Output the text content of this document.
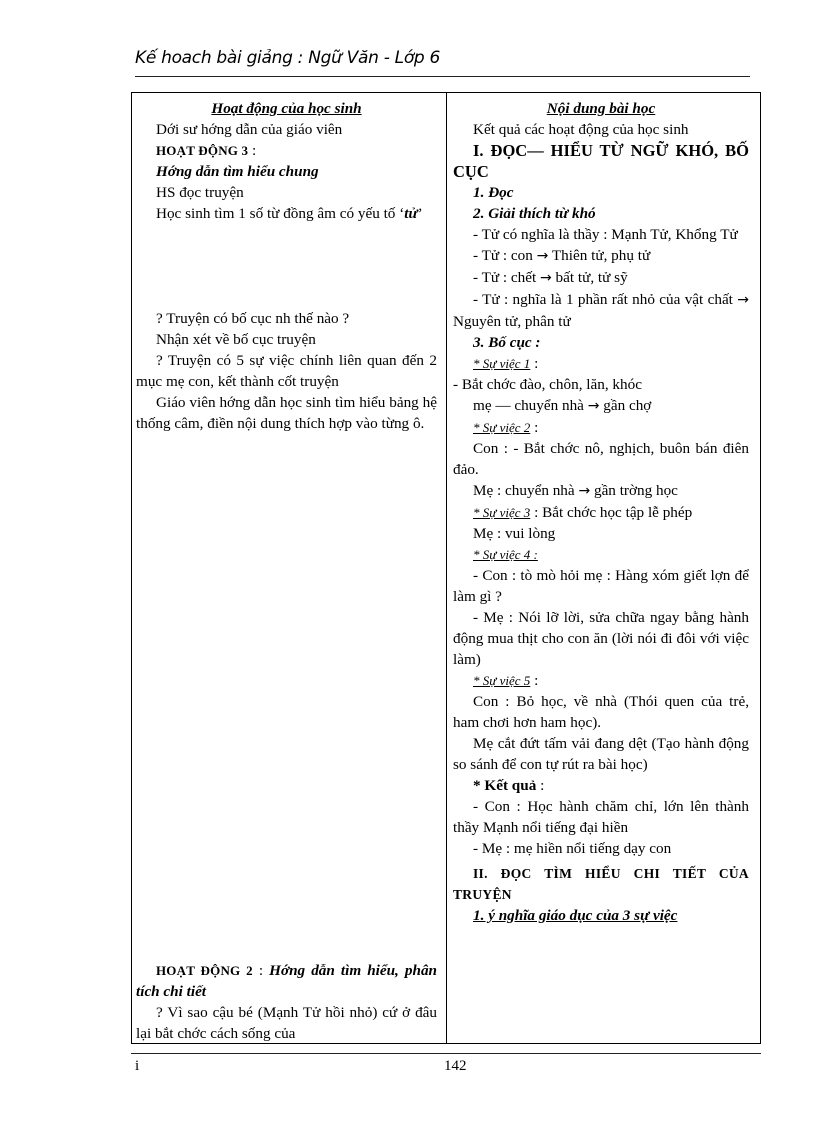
Kế hoach bài giảng : Ngữ Văn - Lớp 6

Hoạt động của học sinh

Dới sư hớng dẫn của giáo viên

HOẠT ĐỘNG 3 :

Hớng dẫn tìm hiểu chung

HS đọc truyện

Học sinh tìm 1 số từ đồng âm có yếu tố ‘tử’

? Truyện có bố cục nh thế nào ?

Nhận xét về bố cục truyện

? Truyện có 5 sự việc chính liên quan đến 2 mục mẹ con, kết thành cốt truyện

Giáo viên hớng dẫn học sinh tìm hiểu bảng hệ thống câm, điền nội dung thích hợp vào từng ô.

HOẠT ĐỘNG 2 : Hớng dẫn tìm hiểu, phân tích chi tiết

? Vì sao cậu bé (Mạnh Tử hồi nhỏ) cứ ở đâu lại bắt chớc cách sống của

Nội dung bài học

Kết quả các hoạt động của học sinh

I. ĐỌC— HIỂU TỪ NGỮ KHÓ, BỐ CỤC

1. Đọc

2. Giải thích từ khó

- Tử có nghĩa là thầy : Mạnh Tử, Khổng Tử

- Tử : con → Thiên tử, phụ tử

- Tử : chết → bất tử, tử sỹ

- Tử : nghĩa là 1 phần rất nhỏ của vật chất → Nguyên tử, phân tử

3. Bố cục :

* Sự việc 1 :

- Bắt chớc đào, chôn, lăn, khóc

mẹ — chuyển nhà → gần chợ

* Sự việc 2 :

Con : - Bắt chớc nô, nghịch, buôn bán điên đảo.

Mẹ : chuyển nhà → gần trờng học

* Sự việc 3 : Bắt chớc học tập lễ phép

Mẹ : vui lòng

* Sự việc 4 :

- Con : tò mò hỏi mẹ : Hàng xóm giết lợn để làm gì ?

- Mẹ : Nói lỡ lời, sửa chữa ngay bằng hành động mua thịt cho con ăn (lời nói đi đôi với việc làm)

* Sự việc 5 :

Con : Bỏ học, về nhà (Thói quen của trẻ, ham chơi hơn ham học).

Mẹ cắt đứt tấm vải đang dệt (Tạo hành động so sánh để con tự rút ra bài học)

* Kết quả :

- Con : Học hành chăm chỉ, lớn lên thành thầy Mạnh nổi tiếng đại hiền

- Mẹ : mẹ hiền nổi tiếng dạy con

II. ĐỌC TÌM HIỂU CHI TIẾT CỦA TRUYỆN

1. ý nghĩa giáo dục của 3 sự việc

i	142
